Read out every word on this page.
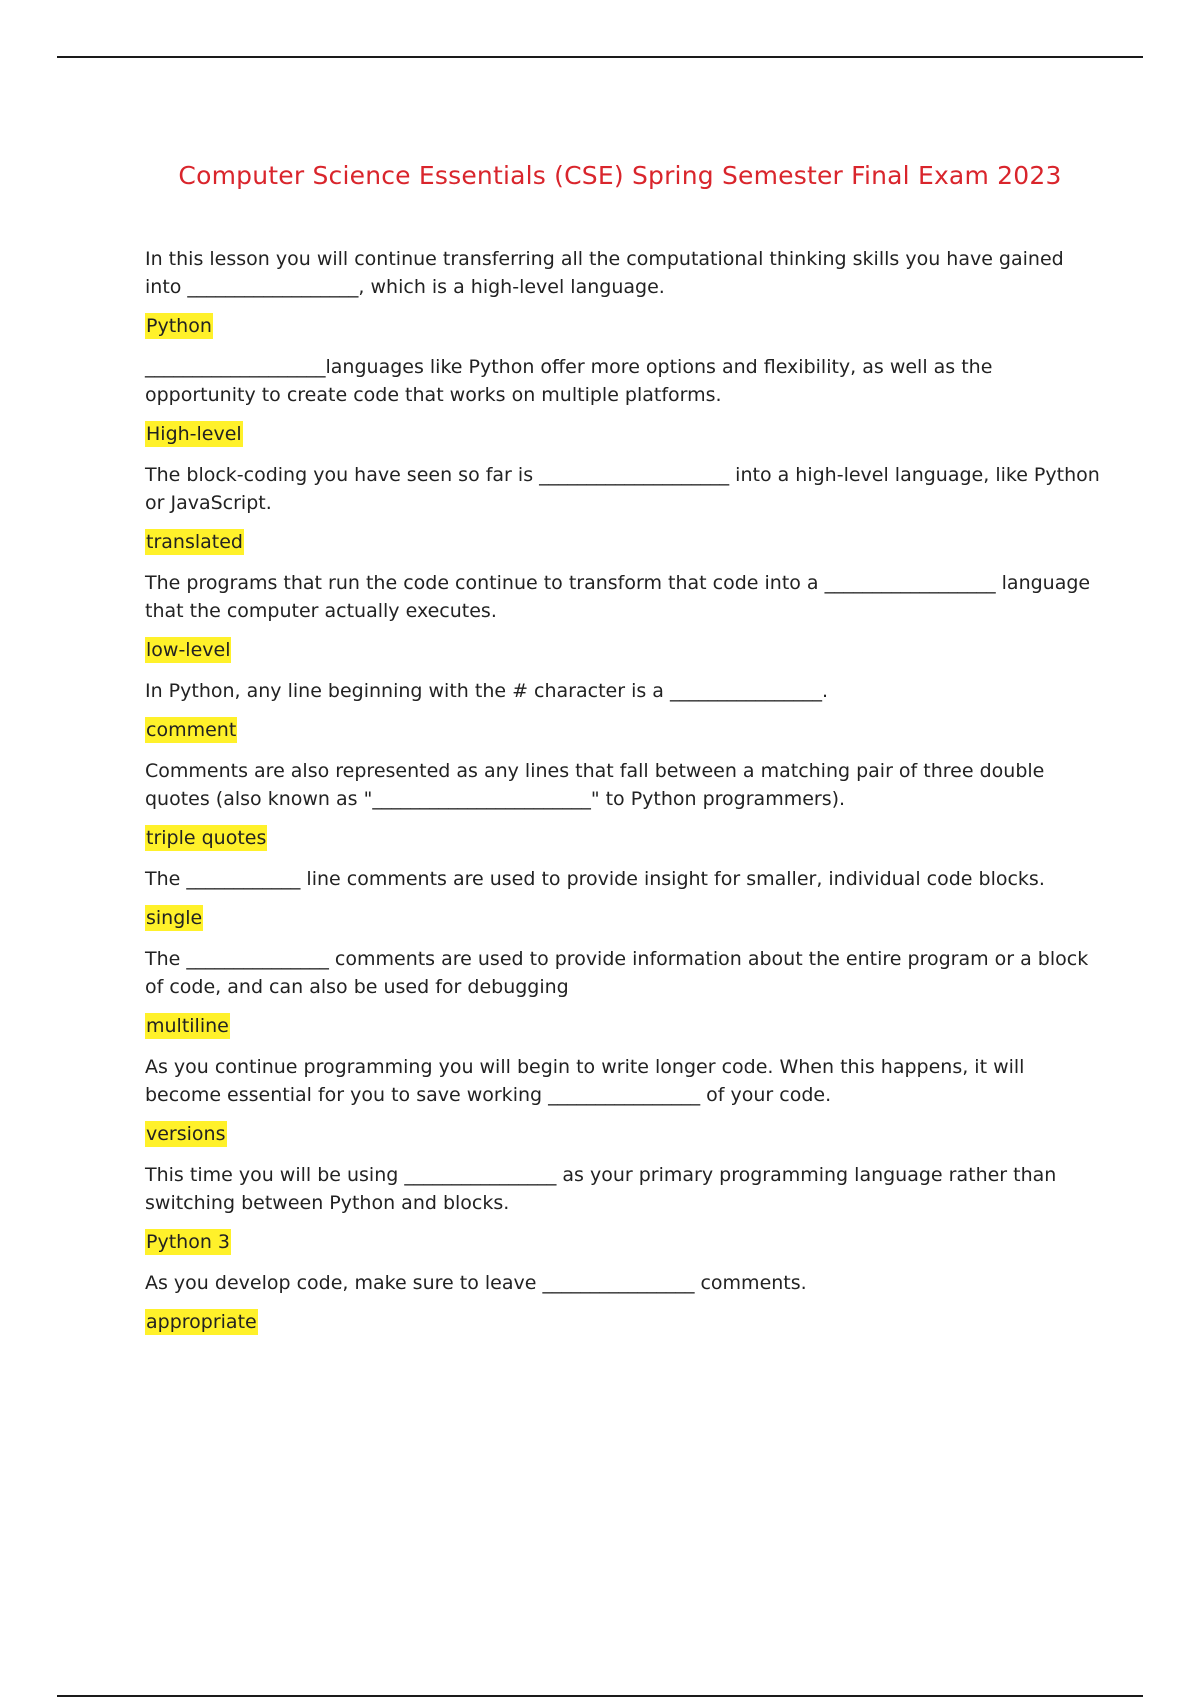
Computer Science Essentials (CSE) Spring Semester Final Exam 2023

In this lesson you will continue transferring all the computational thinking skills you have gained into __________________, which is a high-level language.

Python

___________________languages like Python offer more options and flexibility, as well as the opportunity to create code that works on multiple platforms.

High-level

The block-coding you have seen so far is ____________________ into a high-level language, like Python or JavaScript.

translated

The programs that run the code continue to transform that code into a __________________ language that the computer actually executes.

low-level

In Python, any line beginning with the # character is a ________________.

comment

Comments are also represented as any lines that fall between a matching pair of three double quotes (also known as "_______________________" to Python programmers).

triple quotes

The ____________ line comments are used to provide insight for smaller, individual code blocks.

single

The _______________ comments are used to provide information about the entire program or a block of code, and can also be used for debugging

multiline

As you continue programming you will begin to write longer code. When this happens, it will become essential for you to save working ________________ of your code.

versions

This time you will be using ________________ as your primary programming language rather than switching between Python and blocks.

Python 3

As you develop code, make sure to leave ________________ comments.

appropriate
